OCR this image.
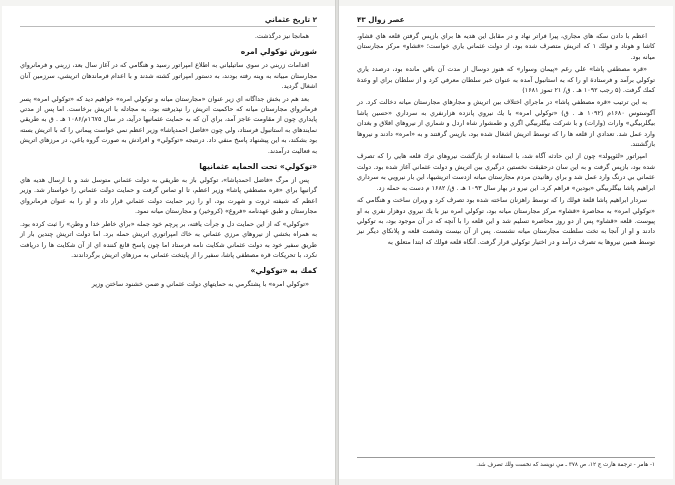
٢ تاريخ عثماني

همانجا نيز درگذشت.

شورش توكولي امره

اقدامات زربني در سوي ساتيلياني به اطلاع امپراتور رسيد و هنگامي كه در آغاز سال بعد، زربني و فرمانرواي مجارستان مبيانه به وينه رفته بودند، به دستور امپراتور كشته شدند و با اعدام فرماندهان اتريشي، سرزمين آنان اشغال گرديد.

بعد هم در بخش جداگانه اي زير عنوان «مجارستان ميانه و توكولي امره» خواهيم ديد كه «توكولي امره» پسر فرمانرواي مجارستان ميانه كه حاكميت اتريش را نپذيرفته بود، به مجادله با اتريش برخاست. اما پس از مدتي پايداري چون از مقاومت عاجز آمد، براي آن كه به حمايت عثمانيها درآيد، در سال ١٦٧٥م/١٠٨۶ هـ . ق به طريقي نمايندهاي به استانبول فرستاد، ولي چون «فاضل احمدپاشا» وزير اعظم نمي خواست پيماني را كه با اتريش بسته بود بشكند، به اين پيشنهاد پاسخ منفي داد. درنتيجه «توكولي» و افرادش به صورت گروه ياغي، در مرزهاي اتريش به فعاليت درآمدند.

«توكولي» تحت الحمايه عثمانيها

پس از مرگ «فاضل احمدپاشا»، توكولي باز به طريقي به دولت عثماني متوسل شد و با ارسال هديه هاي گرانبها براي «قره مصطفي پاشا» وزير اعظم، تا او تماس گرفت و حمايت دولت عثماني را خواستار شد. وزير اعظم كه شيفته ثروت و شهرت بود، او را زير حمايت دولت عثماني قرار داد و او را به عنوان فرمانرواي مجارستان و طبق عهدنامه «فروغ» (كروخير) و مجارستان ميانه نمود.

«توكولي» كه از اين حمايت دل و جرأت يافته، بر پرچم خود جمله «براي خاطر خدا و وطن» را ثبت كرده بود. به همراه بخشي از نيروهاي مرزي عثماني به خاك امپراتوري اتريش حمله برد. اما دولت اتريش چندين بار از طريق سفير خود به دولت عثماني شكايت نامه فرستاد اما چون پاسخ قانع كننده اي از آن شكايت ها را دريافت نكرد، با تحريكات قره مصطفي پاشا، سفير را از پايتخت عثماني به مرزهاي اتريش برگرداندند.

كمك به «توكولي»

«توكولي امره» با پشتگرمي به حمايتهاي دولت عثماني و ضمن خشنود ساختن وزير

عصر زوال ۴۳

اعظم با دادن سكه هاي مجاري، پيرا فراتر نهاد و در مقابل اين هديه ها براي بازپس گرفتن قلعه هاي قشاو، كاشا و هوناد و فولك ١ كه اتريش متصرف شده بود، از دولت عثماني ياري خواست؛ «قشاو» مركز مجارستان ميانه بود.

«قره مصطفي پاشا» علي رغم «پيمان وسوار» كه هنوز دوسال از مدت آن باقي مانده بود، درصدد ياري توكولي برآمد و فرستادة او را كه به استانبول آمده به عنوان خبر سلطان معرفي كرد و از سلطان براي او وعدة كمك گرفت. (۵ رجب ١٠٩٢ هـ . ق/ ٢١ تموز ١۶٨١)

به اين ترتيب «قره مصطفي پاشا» در ماجراي اختلاف بين اتريش و مجارهاي مجارستان ميانه دخالت كرد. در آگوستوس ١۶٨٠م (١٠٩٢ هـ . ق) «توكولي امره» با يك نيروي پانزده هزارنفري به سرداري «حسين پاشا بيگلربيگي» وارات (وارات) و با شركت بيگلربيگي اگري و طمشوار شاه اردل و شماري از نيروهاي افلاق و بغدان وارد عمل شد. تعدادي از قلعه ها را كه توسط اتريش اشغال شده بود، بازپس گرفتند و به «امره» دادند و نيروها بازگشتند.

امپراتور «لئوپولد» چون از اين حادثه آگاه شد، با استفاده از بازگشت نيروهاي ترك قلعه هايي را كه تصرف شده بود، بازپس گرفت و به اين سان درحقيقت نخستين درگيري بين اتريش و دولت عثماني آغاز شده بود. دولت عثماني بي درنگ وارد عمل شد و براي رهانيدن مردم مجارستان ميانه ازدست اتريشيها، اين بار نيرويي به سرداري ابراهيم پاشا بيگلربيگي «بودين» فراهم كرد. اين نيرو در بهار سال ١٠٩٣ هـ . ق/ ١۶٨٢ م دست به حمله زد.

سردار ابراهيم پاشا قلعة فولك را كه توسط راهزنان ساخته شده بود تصرف كرد و ويران ساخت و هنگامي كه «توكولي امره» به محاصرة «قشاو» مركز مجارستان ميانه بود، توكولي امره نيز با يك نيروي دوهزار نفري به او پيوست. قلعه «قشاو» پس از دو روز محاصره تسليم شد و اين قلعه را با آنچه كه در آن موجود بود، به توكولي دادند و او از آنجا به تخت سلطنت مجارستان ميانه نشست. پس از آن بيست وشصت قلعه و پلانكاي ديگر نيز توسط همين نيروها به تصرف درآمد و در اختيار توكولي قرار گرفت. آنگاه قلعه فولك كه ابتدا متعلق به

١- هامر - ترجمة هارت ج ١٢، ص ٣٧٨ ـ مي نويسد كه نخست ولك تصرف شد.
